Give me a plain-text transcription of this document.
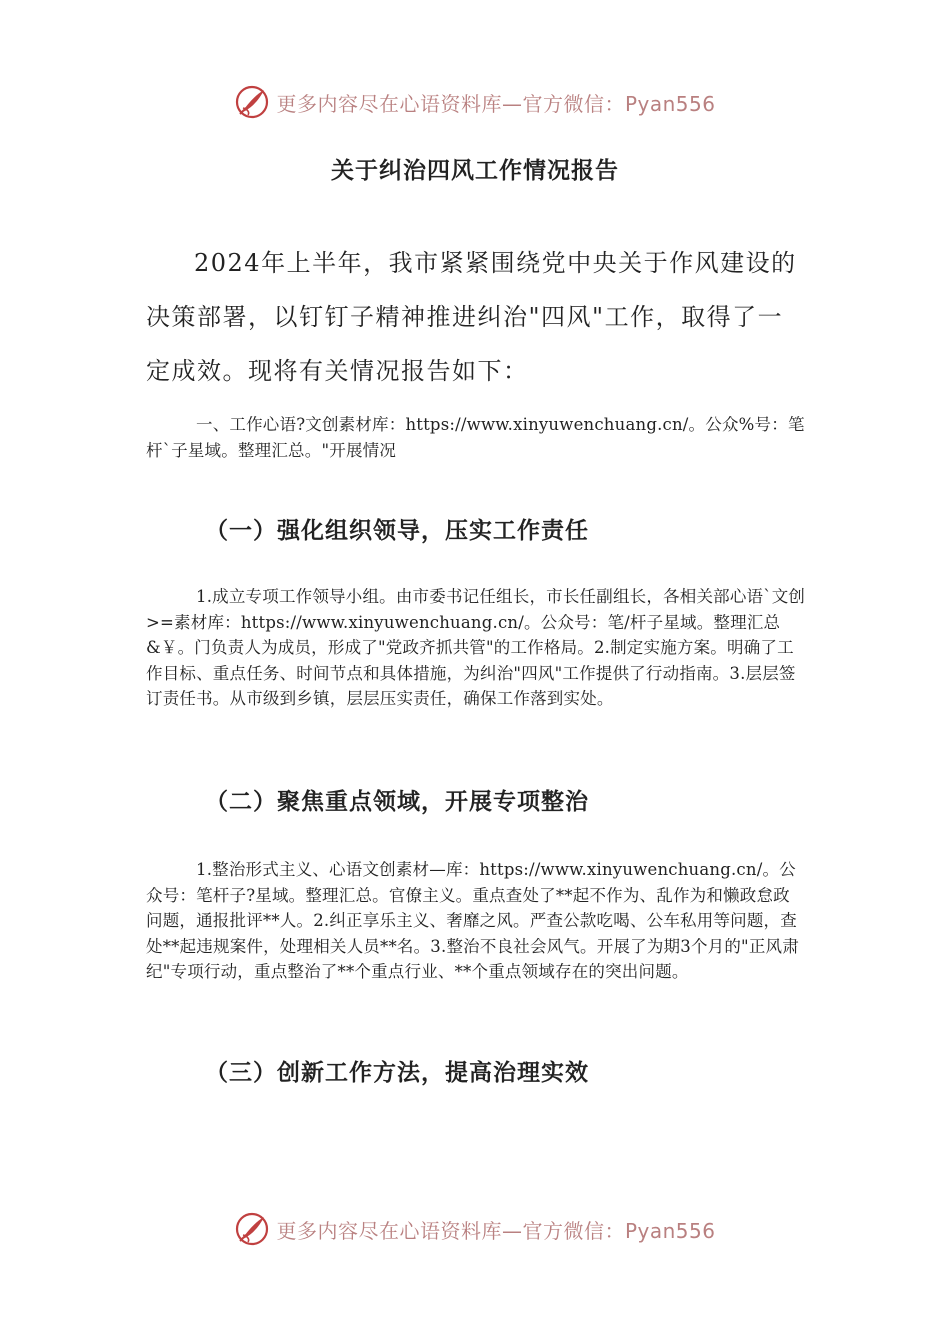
更多内容尽在心语资料库—官方微信：Pyan556
关于纠治四风工作情况报告

2024年上半年，我市紧紧围绕党中央关于作风建设的决策部署，以钉钉子精神推进纠治"四风"工作，取得了一定成效。现将有关情况报告如下：

一、工作心语?文创素材库：https://www.xinyuwenchuang.cn/。公众%号：笔杆`子星域。整理汇总。"开展情况

（一）强化组织领导，压实工作责任

1.成立专项工作领导小组。由市委书记任组长，市长任副组长，各相关部心语`文创>=素材库：https://www.xinyuwenchuang.cn/。公众号：笔/杆子星域。整理汇总&￥。门负责人为成员，形成了"党政齐抓共管"的工作格局。2.制定实施方案。明确了工作目标、重点任务、时间节点和具体措施，为纠治"四风"工作提供了行动指南。3.层层签订责任书。从市级到乡镇，层层压实责任，确保工作落到实处。

（二）聚焦重点领域，开展专项整治

1.整治形式主义、心语文创素材—库：https://www.xinyuwenchuang.cn/。公众号：笔杆子?星域。整理汇总。官僚主义。重点查处了**起不作为、乱作为和懒政怠政问题，通报批评**人。2.纠正享乐主义、奢靡之风。严查公款吃喝、公车私用等问题，查处**起违规案件，处理相关人员**名。3.整治不良社会风气。开展了为期3个月的"正风肃纪"专项行动，重点整治了**个重点行业、**个重点领域存在的突出问题。

（三）创新工作方法，提高治理实效
更多内容尽在心语资料库—官方微信：Pyan556
